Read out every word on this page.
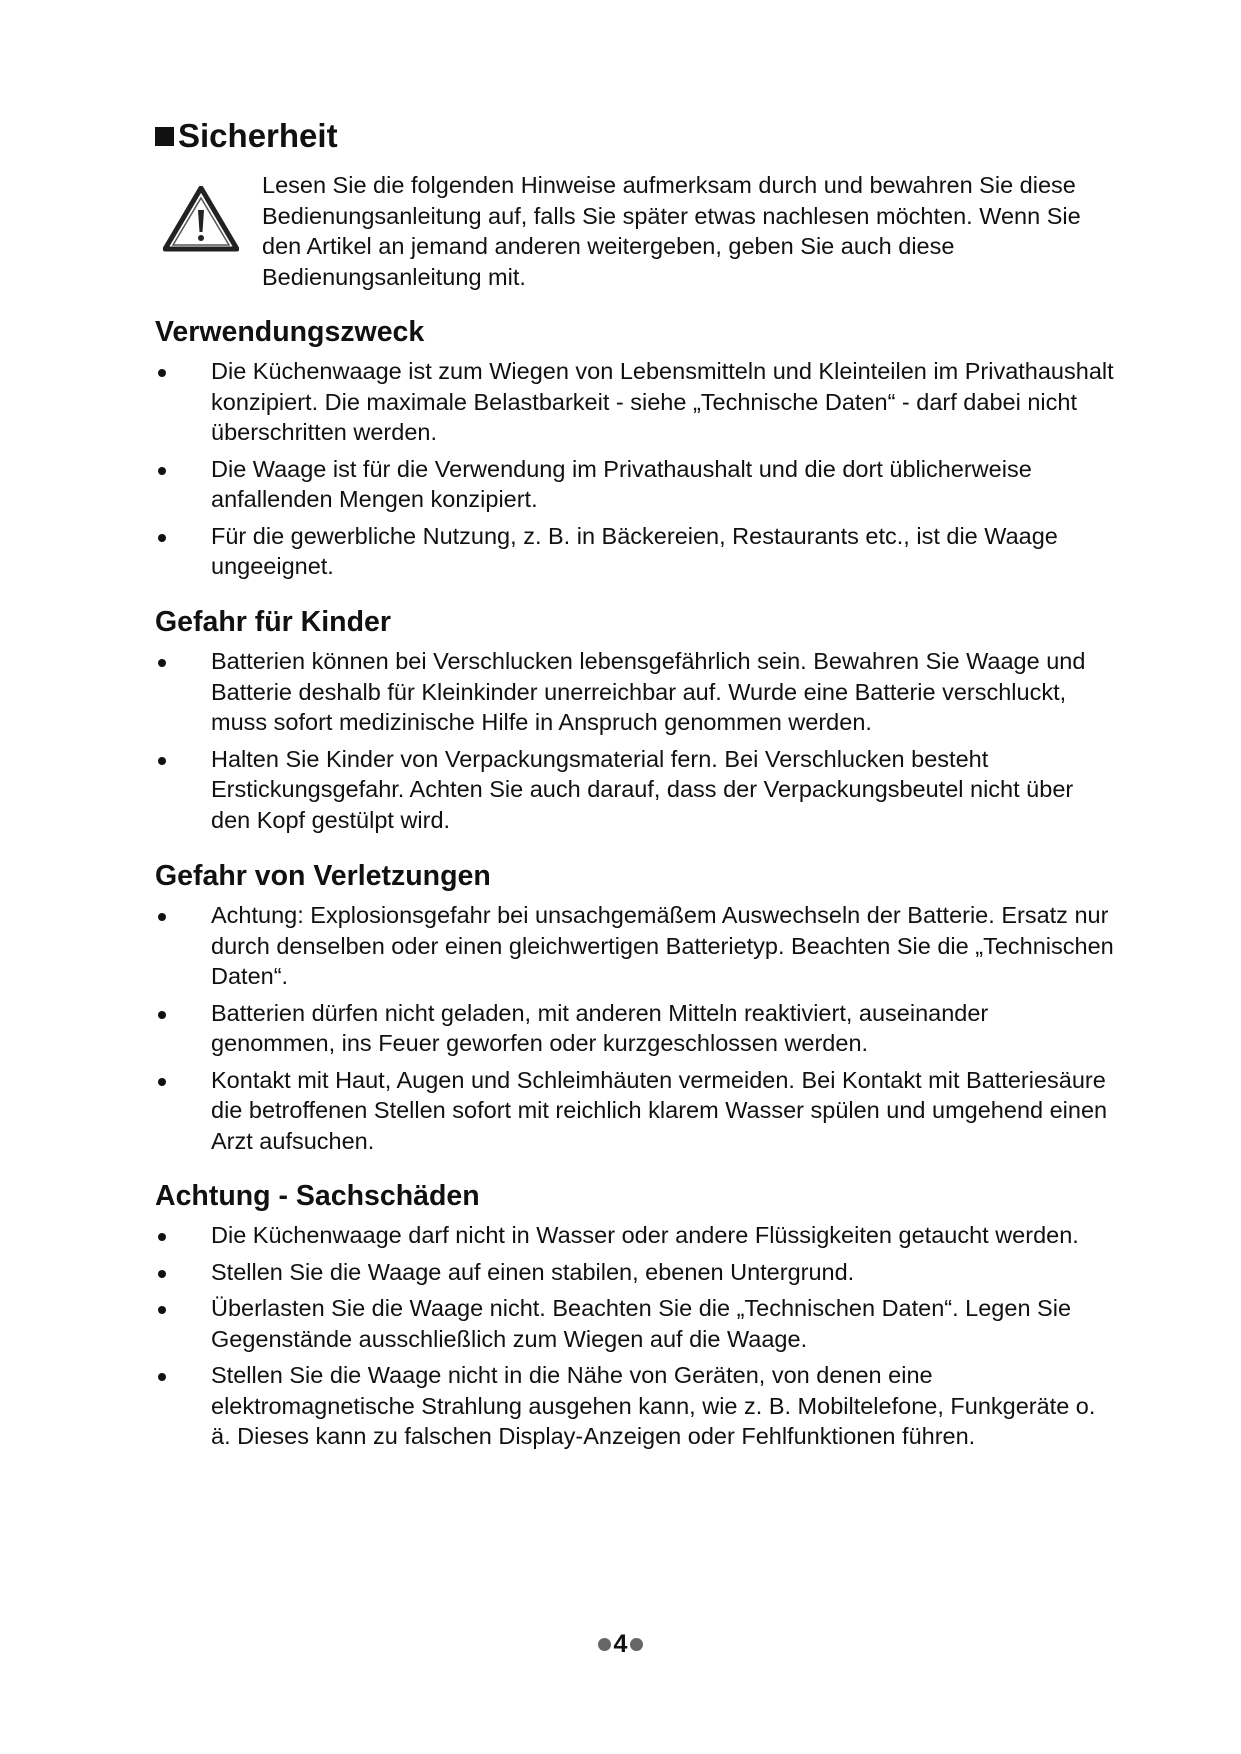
Sicherheit

Lesen Sie die folgenden Hinweise aufmerksam durch und bewahren Sie diese Bedienungsanleitung auf, falls Sie später etwas nachlesen möchten. Wenn Sie den Artikel an jemand anderen weitergeben, geben Sie auch diese Bedienungsanleitung mit.

Verwendungszweck
Die Küchenwaage ist zum Wiegen von Lebensmitteln und Kleinteilen im Privathaushalt konzipiert. Die maximale Belastbarkeit - siehe „Technische Daten“ - darf dabei nicht überschritten werden.
Die Waage ist für die Verwendung im Privathaushalt und die dort üblicherweise anfallenden Mengen konzipiert.
Für die gewerbliche Nutzung, z. B. in Bäckereien, Restaurants etc., ist die Waage ungeeignet.
Gefahr für Kinder
Batterien können bei Verschlucken lebensgefährlich sein. Bewahren Sie Waage und Batterie deshalb für Kleinkinder unerreichbar auf. Wurde eine Batterie verschluckt, muss sofort medizinische Hilfe in Anspruch genommen werden.
Halten Sie Kinder von Verpackungsmaterial fern. Bei Verschlucken besteht Erstickungsgefahr. Achten Sie auch darauf, dass der Verpackungsbeutel nicht über den Kopf gestülpt wird.
Gefahr von Verletzungen
Achtung: Explosionsgefahr bei unsachgemäßem Auswechseln der Batterie. Ersatz nur durch denselben oder einen gleichwertigen Batterietyp. Beachten Sie die „Technischen Daten“.
Batterien dürfen nicht geladen, mit anderen Mitteln reaktiviert, auseinander genommen, ins Feuer geworfen oder kurzgeschlossen werden.
Kontakt mit Haut, Augen und Schleimhäuten vermeiden. Bei Kontakt mit Batteriesäure die betroffenen Stellen sofort mit reichlich klarem Wasser spülen und umgehend einen Arzt aufsuchen.
Achtung - Sachschäden
Die Küchenwaage darf nicht in Wasser oder andere Flüssigkeiten getaucht werden.
Stellen Sie die Waage auf einen stabilen, ebenen Untergrund.
Überlasten Sie die Waage nicht. Beachten Sie die „Technischen Daten“. Legen Sie Gegenstände ausschließlich zum Wiegen auf die Waage.
Stellen Sie die Waage nicht in die Nähe von Geräten, von denen eine elektromagnetische Strahlung ausgehen kann, wie z. B. Mobiltelefone, Funkgeräte o. ä. Dieses kann zu falschen Display-Anzeigen oder Fehlfunktionen führen.
4
